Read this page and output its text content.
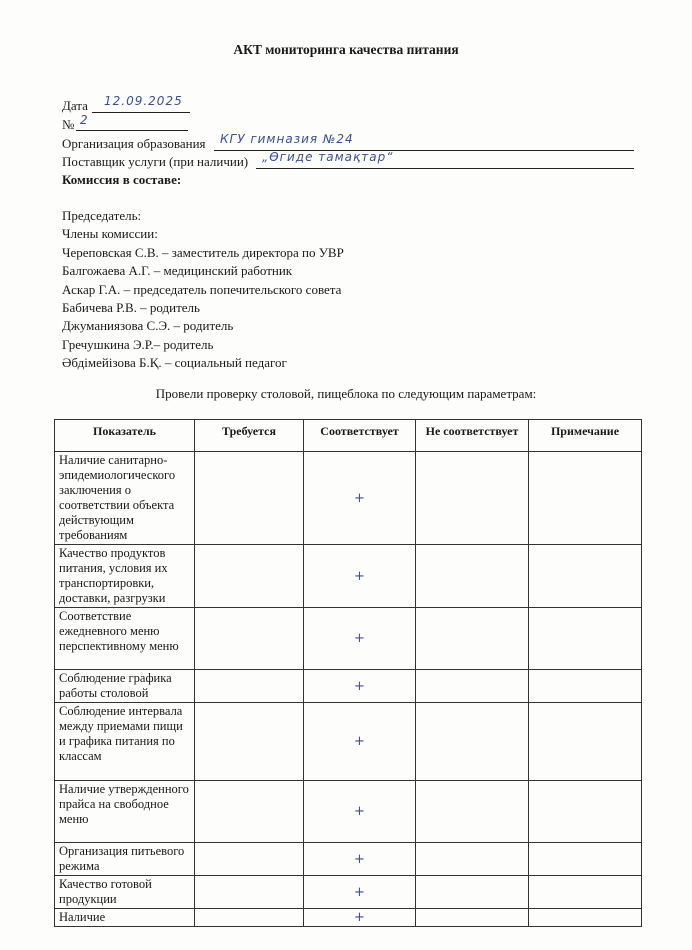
АКТ мониторинга качества питания
Дата 12.09.2025
№ 2
Организация образования КГУ гимназия №24
Поставщик услуги (при наличии) „Өгиде тамақтар“
Комиссия в составе:
Председатель:
Члены комиссии:
Череповская С.В. – заместитель директора по УВР
Балгожаева А.Г. – медицинский работник
Аскар Г.А. – председатель попечительского совета
Бабичева Р.В. – родитель
Джуманиязова С.Э. – родитель
Гречушкина Э.Р.– родитель
Әбдімейізова Б.Қ. – социальный педагог
Провели проверку столовой, пищеблока по следующим параметрам:
Показатель	Требуется	Соответствует	Не соответствует	Примечание
Наличие санитарно-эпидемиологического заключения о соответствии объекта действующим требованиям		+		
Качество продуктов питания, условия их транспортировки, доставки, разгрузки		+		
Соответствие ежедневного меню перспективному меню		+		
Соблюдение графика работы столовой		+		
Соблюдение интервала между приемами пищи и графика питания по классам		+		
Наличие утвержденного прайса на свободное меню		+		
Организация питьевого режима		+		
Качество готовой продукции		+		
Наличие		+		
